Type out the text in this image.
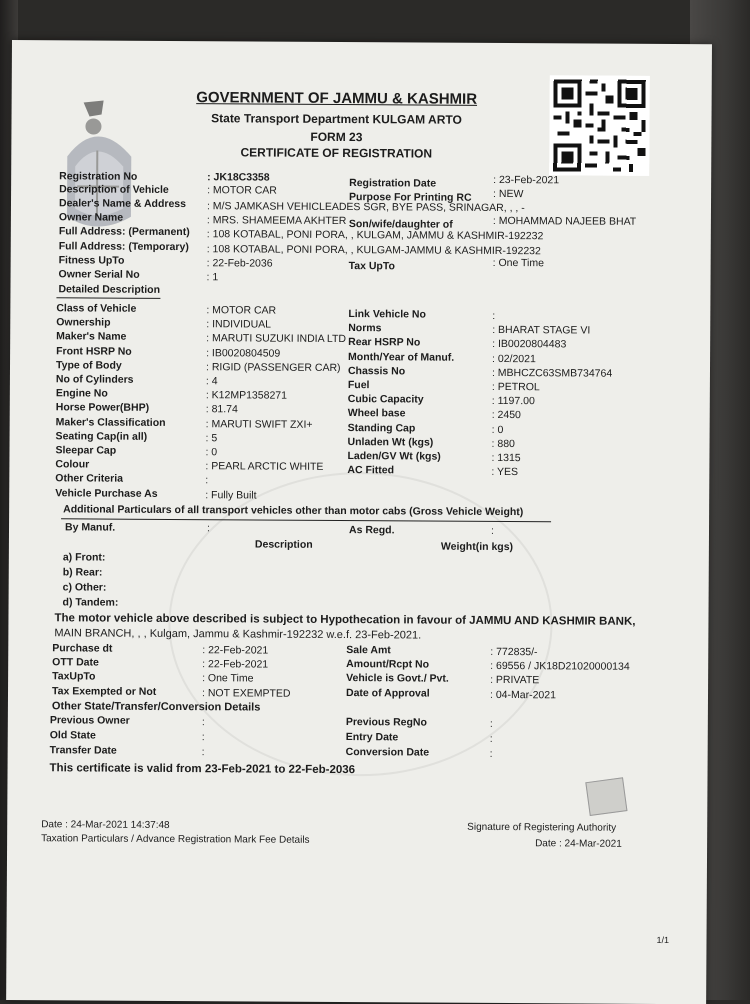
GOVERNMENT OF JAMMU & KASHMIR
State Transport Department KULGAM ARTO
FORM 23
CERTIFICATE OF REGISTRATION
Registration No	: JK18C3358	Registration Date	: 23-Feb-2021
Description of Vehicle	: MOTOR CAR
Purpose For Printing RC : NEW
Dealer's Name & Address : M/S JAMKASH VEHICLEADES SGR, BYE PASS, SRINAGAR, , , -
Owner Name	: MRS. SHAMEEMA AKHTER Son/wife/daughter of	: MOHAMMAD NAJEEB BHAT
Full Address: (Permanent) : 108 KOTABAL, PONI PORA, , KULGAM, JAMMU & KASHMIR-192232
Full Address: (Temporary) : 108 KOTABAL, PONI PORA, , KULGAM-JAMMU & KASHMIR-192232
Fitness UpTo	: 22-Feb-2036	Tax UpTo	: One Time
Owner Serial No	: 1
Detailed Description
Class of Vehicle	: MOTOR CAR
Ownership	: INDIVIDUAL
Maker's Name	: MARUTI SUZUKI INDIA LTD
Front HSRP No	: IB0020804509
Type of Body	: RIGID (PASSENGER CAR)
No of Cylinders	: 4
Engine No	: K12MP1358271
Horse Power(BHP)	: 81.74
Maker's Classification	: MARUTI SWIFT ZXI+
Seating Cap(in all)	: 5
Sleepar Cap	: 0
Colour	: PEARL ARCTIC WHITE
Other Criteria	:
Vehicle Purchase As	: Fully Built
Link Vehicle No	:
Norms	: BHARAT STAGE VI
Rear HSRP No	: IB0020804483
Month/Year of Manuf.	: 02/2021
Chassis No	: MBHCZC63SMB734764
Fuel	: PETROL
Cubic Capacity	: 1197.00
Wheel base	: 2450
Standing Cap	: 0
Unladen Wt (kgs)	: 880
Laden/GV Wt (kgs)	: 1315
AC Fitted	: YES
Additional Particulars of all transport vehicles other than motor cabs (Gross Vehicle Weight)
By Manuf.	:	As Regd.	:
Description	Weight(in kgs)
a) Front:
b) Rear:
c) Other:
d) Tandem:
The motor vehicle above described is subject to Hypothecation in favour of JAMMU AND KASHMIR BANK,
MAIN BRANCH, , , Kulgam, Jammu & Kashmir-192232 w.e.f. 23-Feb-2021.
Purchase dt	: 22-Feb-2021
OTT Date	: 22-Feb-2021
TaxUpTo	: One Time
Tax Exempted or Not	: NOT EXEMPTED
Sale Amt	: 772835/-
Amount/Rcpt No	: 69556 / JK18D21020000134
Vehicle is Govt./ Pvt.	: PRIVATE
Date of Approval	: 04-Mar-2021
Other State/Transfer/Conversion Details
Previous Owner	:
Old State	:
Transfer Date	:
Previous RegNo	:
Entry Date	:
Conversion Date	:
This certificate is valid from 23-Feb-2021 to 22-Feb-2036
Date : 24-Mar-2021 14:37:48
Taxation Particulars / Advance Registration Mark Fee Details
Signature of Registering Authority
Date : 24-Mar-2021
1/1
